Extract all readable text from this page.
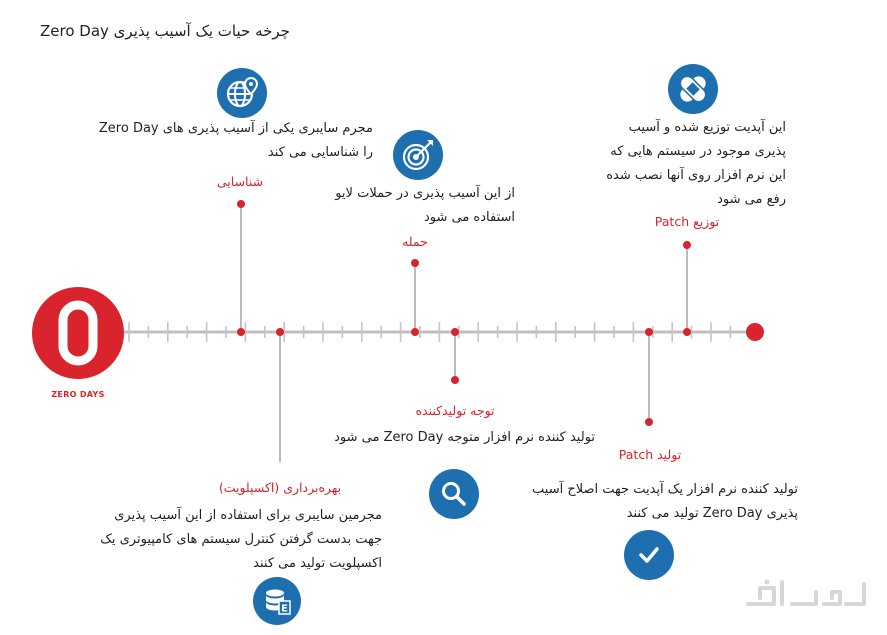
چرخه حیات یک آسیب پذیری Zero Day
ZERO DAYS
مجرم سایبری یکی از آسیب پذیری های Zero Day را شناسایی می کند
شناسایی
از این آسیب پذیری در حملات لایو استفاده می شود
حمله
این آپدیت توزیع شده و آسیب پذیری موجود در سیستم هایی که این نرم افزار روی آنها نصب شده رفع می شود
توزیع Patch
بهره‌برداری (اکسپلویت)
مجرمین سایبری برای استفاده از این آسیب پذیری جهت بدست گرفتن کنترل سیستم های کامپیوتری یک اکسپلویت تولید می کنند
E
توجه تولیدکننده
تولید کننده نرم افزار متوجه Zero Day می شود
تولید Patch
تولید کننده نرم افزار یک آپدیت جهت اصلاح آسیب پذیری Zero Day تولید می کنند
